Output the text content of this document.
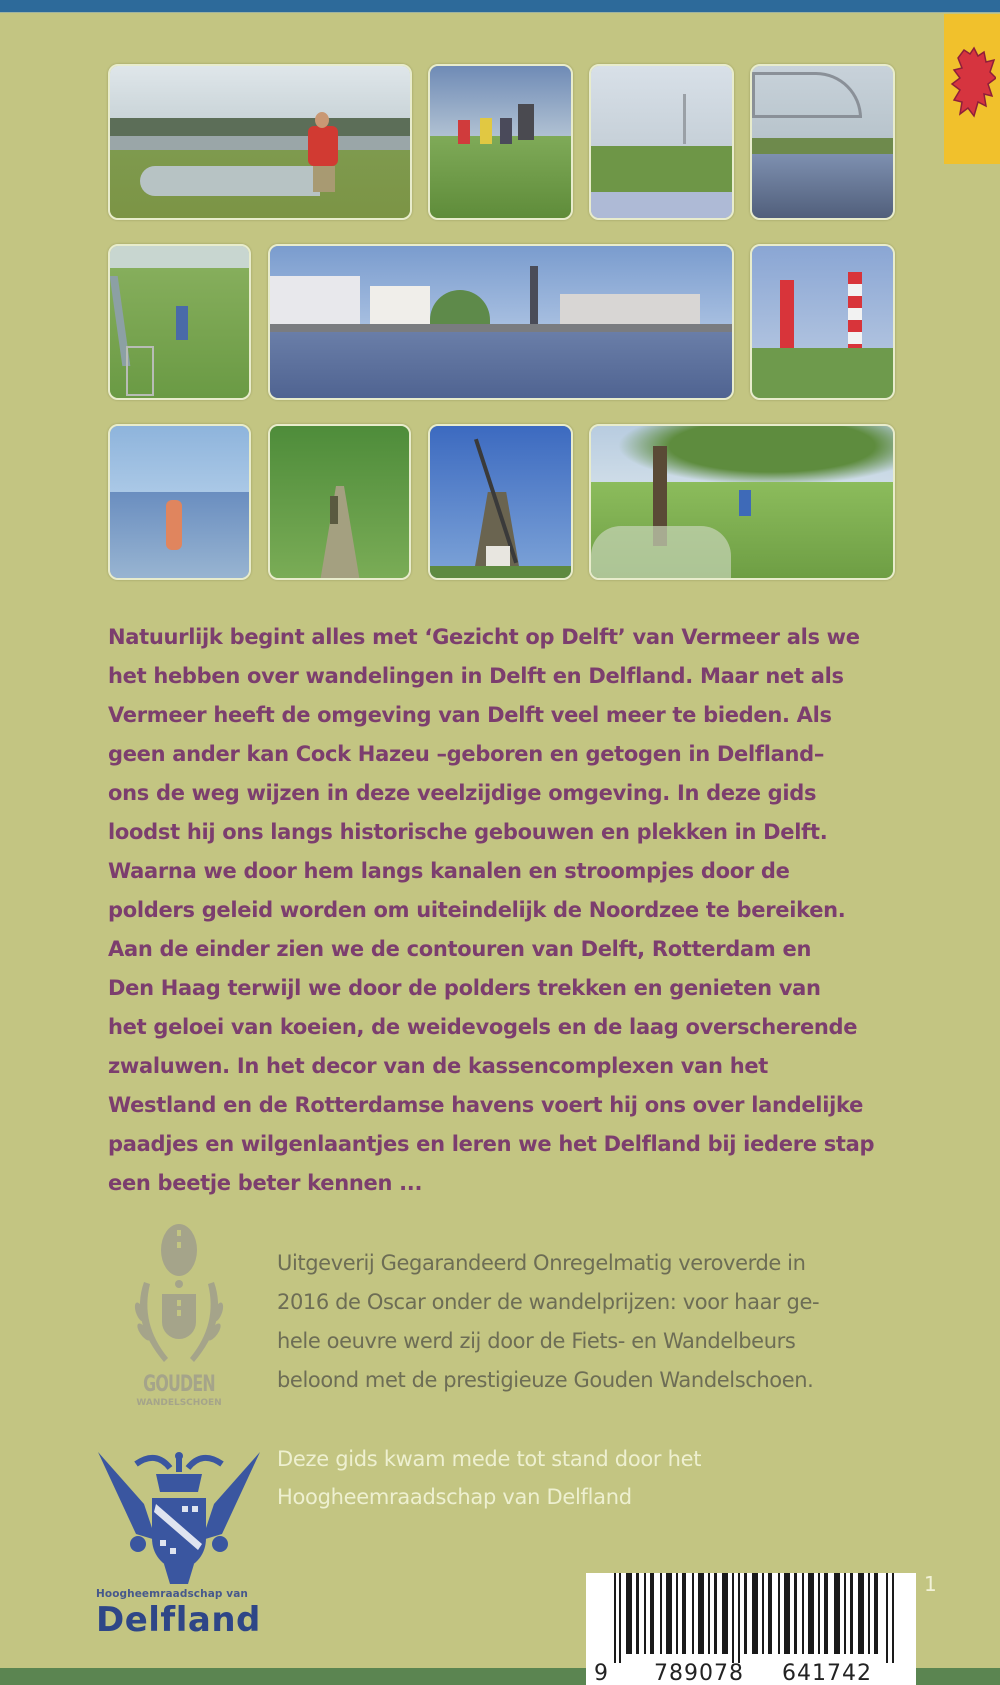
Natuurlijk begint alles met ‘Gezicht op Delft’ van Vermeer als we
het hebben over wandelingen in Delft en Delfland. Maar net als
Vermeer heeft de omgeving van Delft veel meer te bieden. Als
geen ander kan Cock Hazeu –geboren en getogen in Delfland–
ons de weg wijzen in deze veelzijdige omgeving. In deze gids
loodst hij ons langs historische gebouwen en plekken in Delft.
Waarna we door hem langs kanalen en stroompjes door de
polders geleid worden om uiteindelijk de Noordzee te bereiken.
Aan de einder zien we de contouren van Delft, Rotterdam en
Den Haag terwijl we door de polders trekken en genieten van
het geloei van koeien, de weidevogels en de laag overscherende
zwaluwen. In het decor van de kassencomplexen van het
Westland en de Rotterdamse havens voert hij ons over landelijke
paadjes en wilgenlaantjes en leren we het Delfland bij iedere stap
een beetje beter kennen ...
GOUDEN
WANDELSCHOEN
Uitgeverij Gegarandeerd Onregelmatig veroverde in
2016 de Oscar onder de wandelprijzen: voor haar ge-
hele oeuvre werd zij door de Fiets- en Wandelbeurs
beloond met de prestigieuze Gouden Wandelschoen.
Hoogheemraadschap van
Delfland
Deze gids kwam mede tot stand door het
Hoogheemraadschap van Delfland
9 789078 641742
1
